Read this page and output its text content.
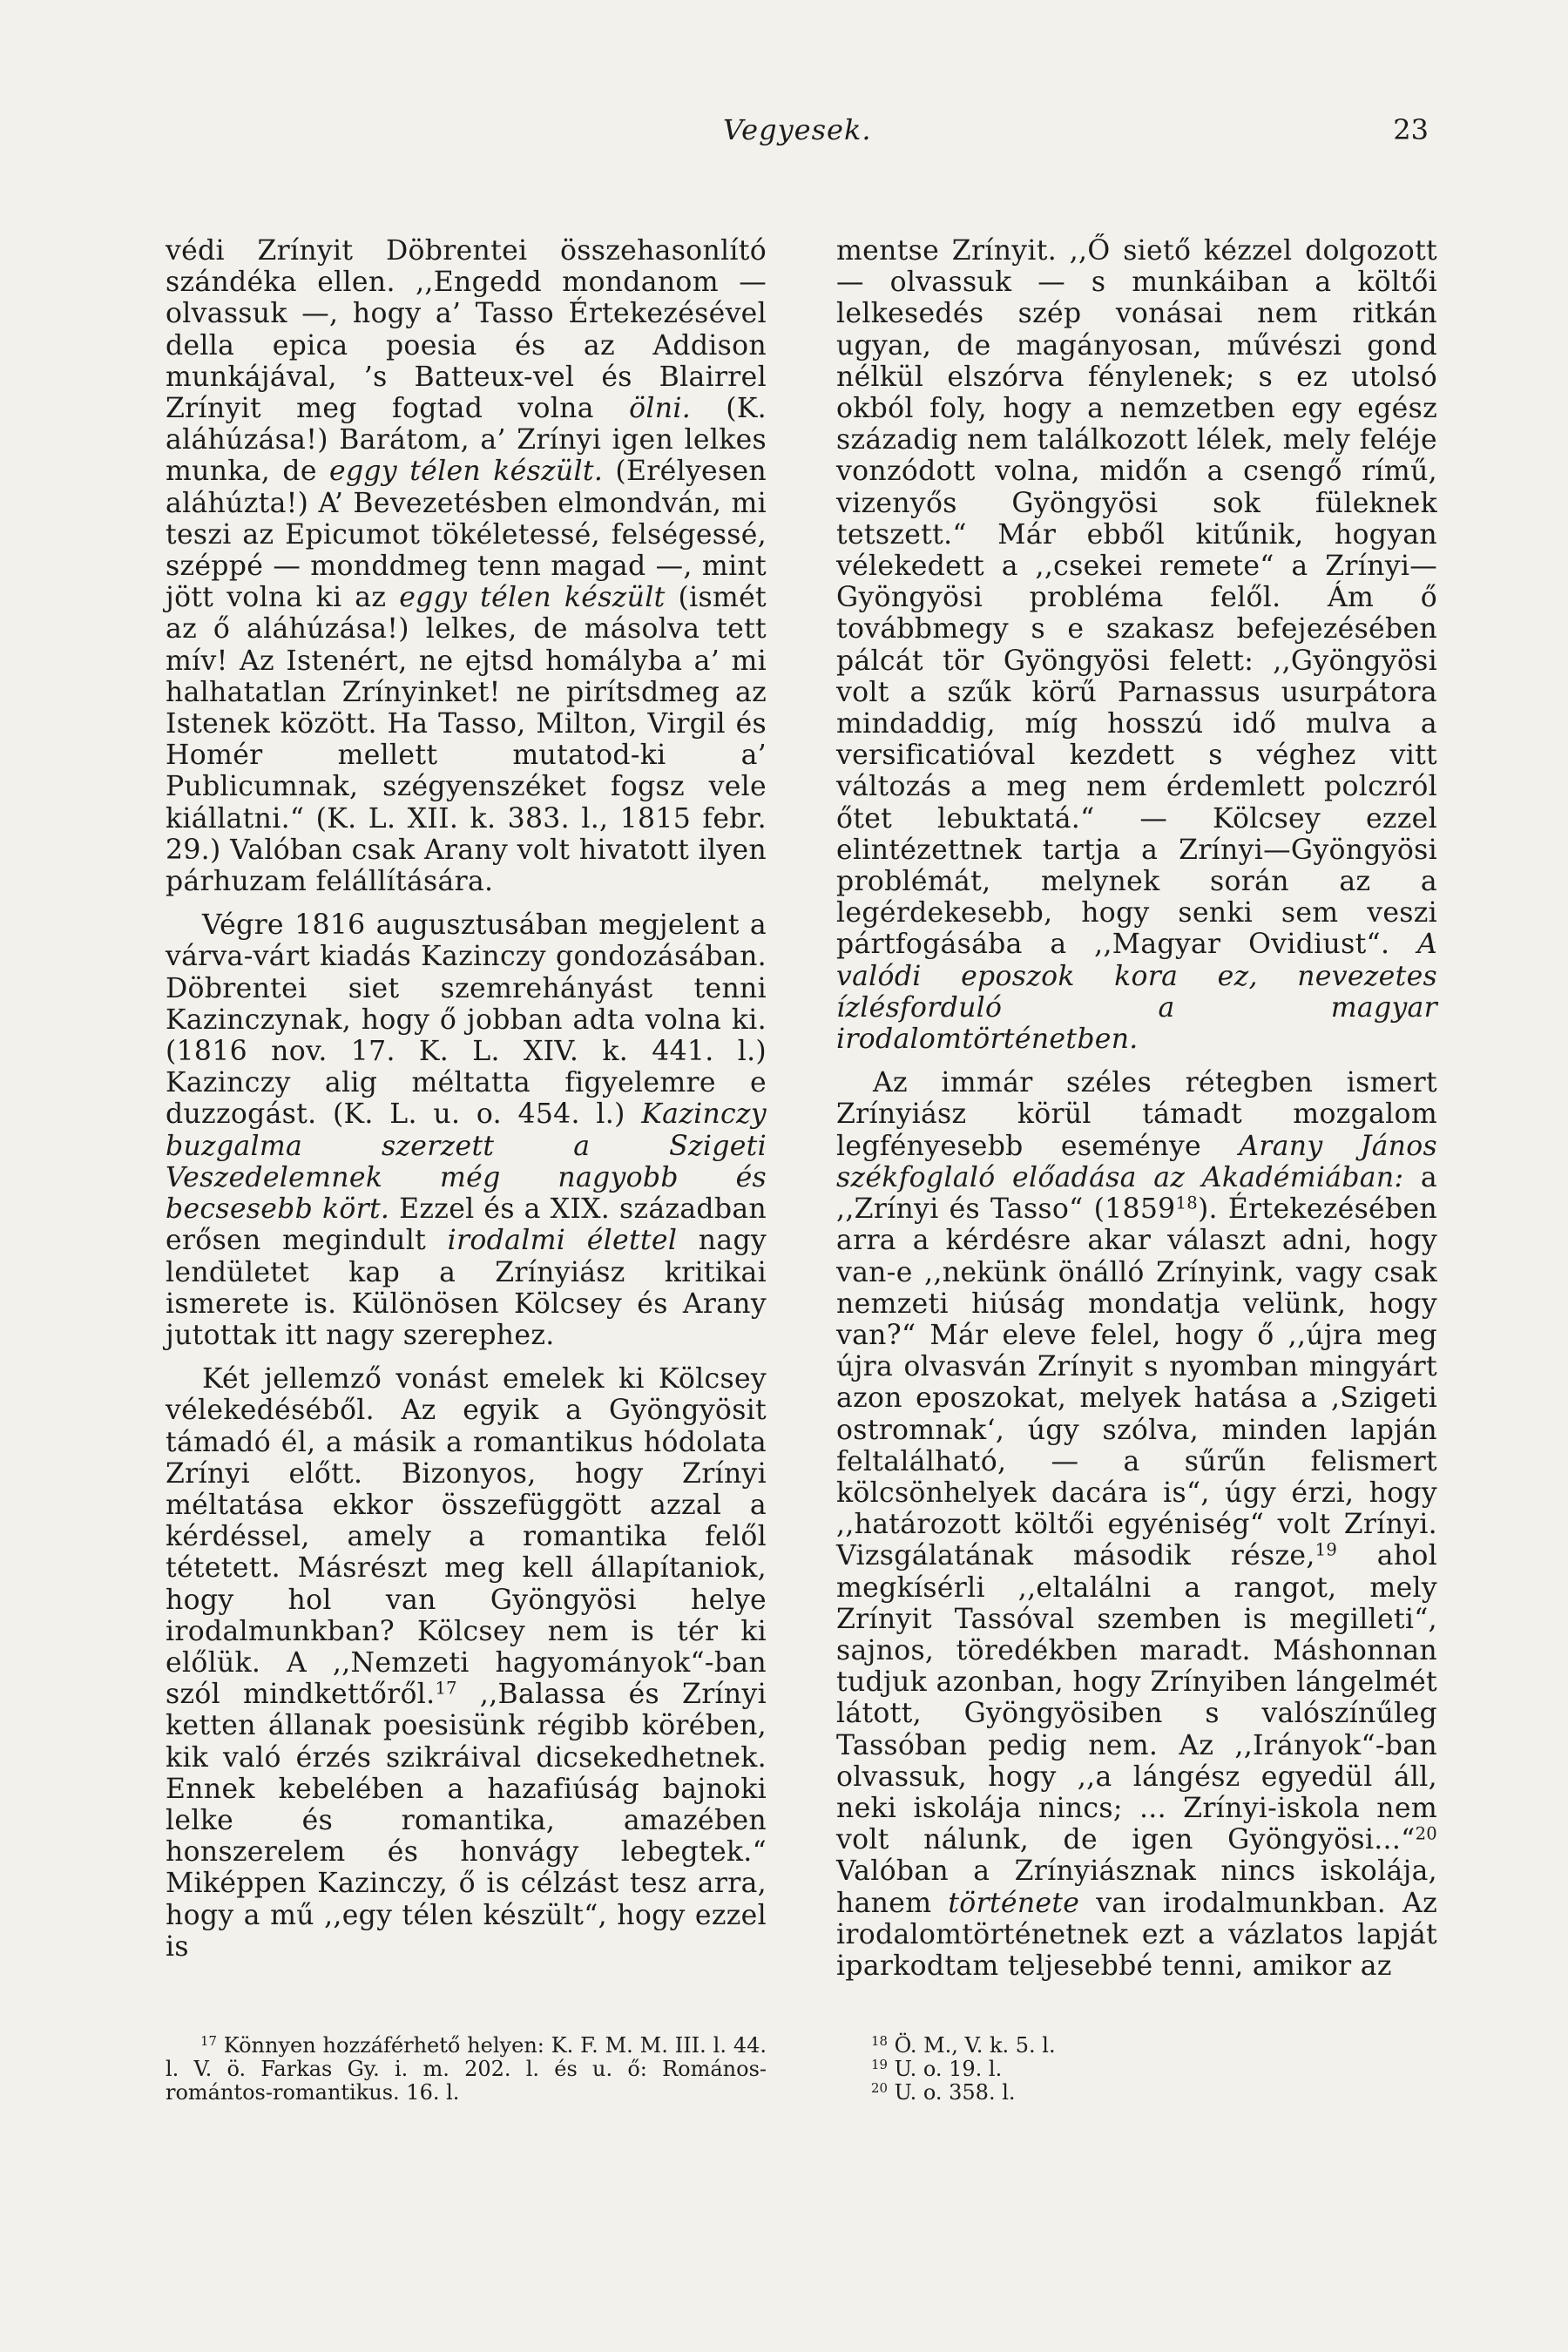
Vegyesek.	23

védi Zrínyit Döbrentei összehasonlító szándéka ellen. ,,Engedd mondanom — olvassuk —, hogy a’ Tasso Értekezésével della epica poesia és az Addison munkájával, ’s Batteux-vel és Blairrel Zrínyit meg fogtad volna ölni. (K. aláhúzása!) Barátom, a’ Zrínyi igen lelkes munka, de eggy télen készült. (Erélyesen aláhúzta!) A’ Bevezetésben elmondván, mi teszi az Epicumot tökéletessé, felségessé, széppé — monddmeg tenn magad —, mint jött volna ki az eggy télen készült (ismét az ő aláhúzása!) lelkes, de másolva tett mív! Az Istenért, ne ejtsd homályba a’ mi halhatatlan Zrínyinket! ne pirítsdmeg az Istenek között. Ha Tasso, Milton, Virgil és Homér mellett mutatod-ki a’ Publicumnak, szégyenszéket fogsz vele kiállatni.“ (K. L. XII. k. 383. l., 1815 febr. 29.) Valóban csak Arany volt hivatott ilyen párhuzam felállítására.

Végre 1816 augusztusában megjelent a várva-várt kiadás Kazinczy gondozásában. Döbrentei siet szemrehányást tenni Kazinczynak, hogy ő jobban adta volna ki. (1816 nov. 17. K. L. XIV. k. 441. l.) Kazinczy alig méltatta figyelemre e duzzogást. (K. L. u. o. 454. l.) Kazinczy buzgalma szerzett a Szigeti Veszedelemnek még nagyobb és becsesebb kört. Ezzel és a XIX. században erősen megindult irodalmi élettel nagy lendületet kap a Zrínyiász kritikai ismerete is. Különösen Kölcsey és Arany jutottak itt nagy szerephez.

Két jellemző vonást emelek ki Kölcsey vélekedéséből. Az egyik a Gyöngyösit támadó él, a másik a romantikus hódolata Zrínyi előtt. Bizonyos, hogy Zrínyi méltatása ekkor összefüggött azzal a kérdéssel, amely a romantika felől tétetett. Másrészt meg kell állapítaniok, hogy hol van Gyöngyösi helye irodalmunkban? Kölcsey nem is tér ki előlük. A ,,Nemzeti hagyományok“-ban szól mindkettőről.$^{17}$ ,,Balassa és Zrínyi ketten állanak poesisünk régibb körében, kik való érzés szikráival dicsekedhetnek. Ennek kebelében a hazafiúság bajnoki lelke és romantika, amazében honszerelem és honvágy lebegtek.“ Miképpen Kazinczy, ő is célzást tesz arra, hogy a mű ,,egy télen készült“, hogy ezzel is

mentse Zrínyit. ,,Ő siető kézzel dolgozott — olvassuk — s munkáiban a költői lelkesedés szép vonásai nem ritkán ugyan, de magányosan, művészi gond nélkül elszórva fénylenek; s ez utolsó okból foly, hogy a nemzetben egy egész századig nem találkozott lélek, mely feléje vonzódott volna, midőn a csengő rímű, vizenyős Gyöngyösi sok füleknek tetszett.“ Már ebből kitűnik, hogyan vélekedett a ,,csekei remete“ a Zrínyi—Gyöngyösi probléma felől. Ám ő továbbmegy s e szakasz befejezésében pálcát tör Gyöngyösi felett: ,,Gyöngyösi volt a szűk körű Parnassus usurpátora mindaddig, míg hosszú idő mulva a versificatióval kezdett s véghez vitt változás a meg nem érdemlett polczról őtet lebuktatá.“ — Kölcsey ezzel elintézettnek tartja a Zrínyi—Gyöngyösi problémát, melynek során az a legérdekesebb, hogy senki sem veszi pártfogásába a ,,Magyar Ovidiust“. A valódi eposzok kora ez, nevezetes ízlésforduló a magyar irodalomtörténetben.

Az immár széles rétegben ismert Zrínyiász körül támadt mozgalom legfényesebb eseménye Arany János székfoglaló előadása az Akadémiában: a ,,Zrínyi és Tasso“ (1859$^{18}$). Értekezésében arra a kérdésre akar választ adni, hogy van-e ,,nekünk önálló Zrínyink, vagy csak nemzeti hiúság mondatja velünk, hogy van?“ Már eleve felel, hogy ő ,,újra meg újra olvasván Zrínyit s nyomban mingyárt azon eposzokat, melyek hatása a ‚Szigeti ostromnak‘, úgy szólva, minden lapján feltalálható, — a sűrűn felismert kölcsönhelyek dacára is“, úgy érzi, hogy ,,határozott költői egyéniség“ volt Zrínyi. Vizsgálatának második része,$^{19}$ ahol megkísérli ,,eltalálni a rangot, mely Zrínyit Tassóval szemben is megilleti“, sajnos, töredékben maradt. Máshonnan tudjuk azonban, hogy Zrínyiben lángelmét látott, Gyöngyösiben s valószínűleg Tassóban pedig nem. Az ,,Irányok“-ban olvassuk, hogy ,,a lángész egyedül áll, neki iskolája nincs; ... Zrínyi-iskola nem volt nálunk, de igen Gyöngyösi...“$^{20}$ Valóban a Zrínyiásznak nincs iskolája, hanem története van irodalmunkban. Az irodalomtörténetnek ezt a vázlatos lapját iparkodtam teljesebbé tenni, amikor az

$^{17}$ Könnyen hozzáférhető helyen: K. F. M. M. III. l. 44. l. V. ö. Farkas Gy. i. m. 202. l. és u. ő: Romános-romántos-romantikus. 16. l.

$^{18}$ Ö. M., V. k. 5. l.

$^{19}$ U. o. 19. l.

$^{20}$ U. o. 358. l.
